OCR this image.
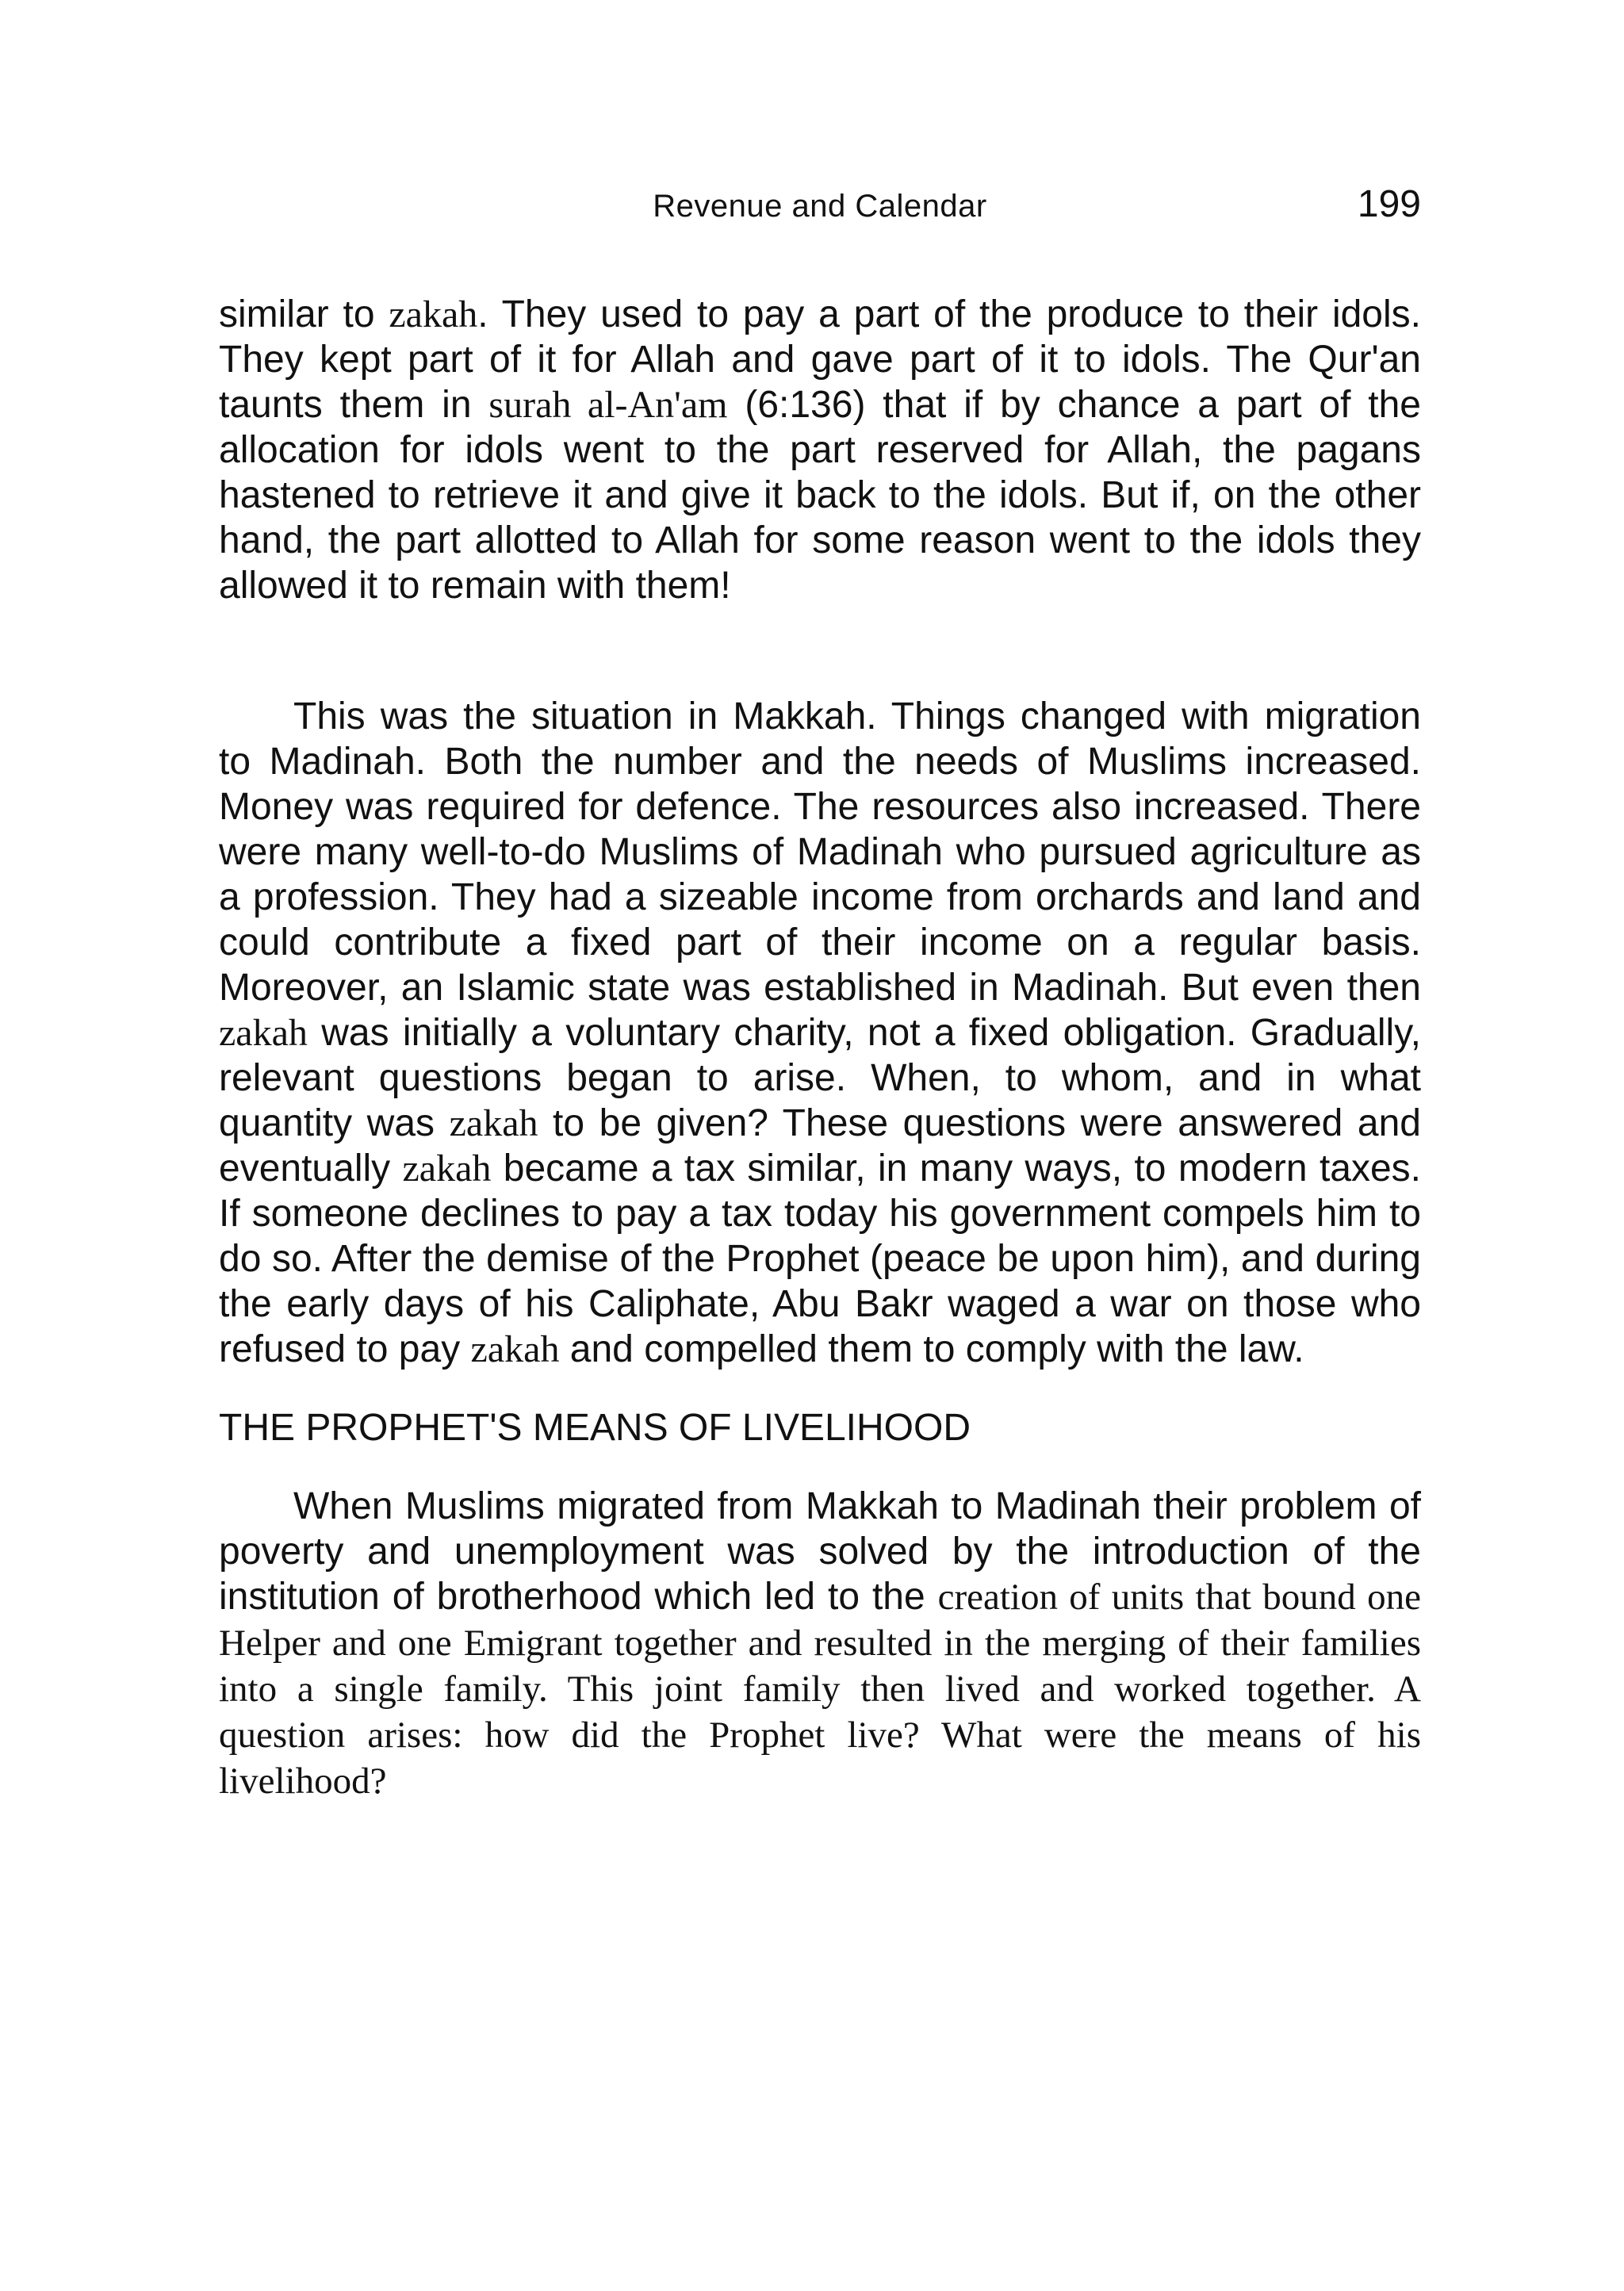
Revenue and Calendar	199

similar to zakah. They used to pay a part of the produce to their idols. They kept part of it for Allah and gave part of it to idols. The Qur'an taunts them in surah al-An'am (6:136) that if by chance a part of the allocation for idols went to the part reserved for Allah, the pagans hastened to retrieve it and give it back to the idols. But if, on the other hand, the part allotted to Allah for some reason went to the idols they allowed it to remain with them!

This was the situation in Makkah. Things changed with migration to Madinah. Both the number and the needs of Muslims increased. Money was required for defence. The resources also increased. There were many well-to-do Muslims of Madinah who pursued agriculture as a profession. They had a sizeable income from orchards and land and could contribute a fixed part of their income on a regular basis. Moreover, an Islamic state was established in Madinah. But even then zakah was initially a voluntary charity, not a fixed obligation. Gradually, relevant questions began to arise. When, to whom, and in what quantity was zakah to be given? These questions were answered and eventually zakah became a tax similar, in many ways, to modern taxes. If someone declines to pay a tax today his government compels him to do so. After the demise of the Prophet (peace be upon him), and during the early days of his Caliphate, Abu Bakr waged a war on those who refused to pay zakah and compelled them to comply with the law.

THE PROPHET'S MEANS OF LIVELIHOOD

When Muslims migrated from Makkah to Madinah their problem of poverty and unemployment was solved by the introduction of the institution of brotherhood which led to the creation of units that bound one Helper and one Emigrant together and resulted in the merging of their families into a single family. This joint family then lived and worked together. A question arises: how did the Prophet live? What were the means of his livelihood?
